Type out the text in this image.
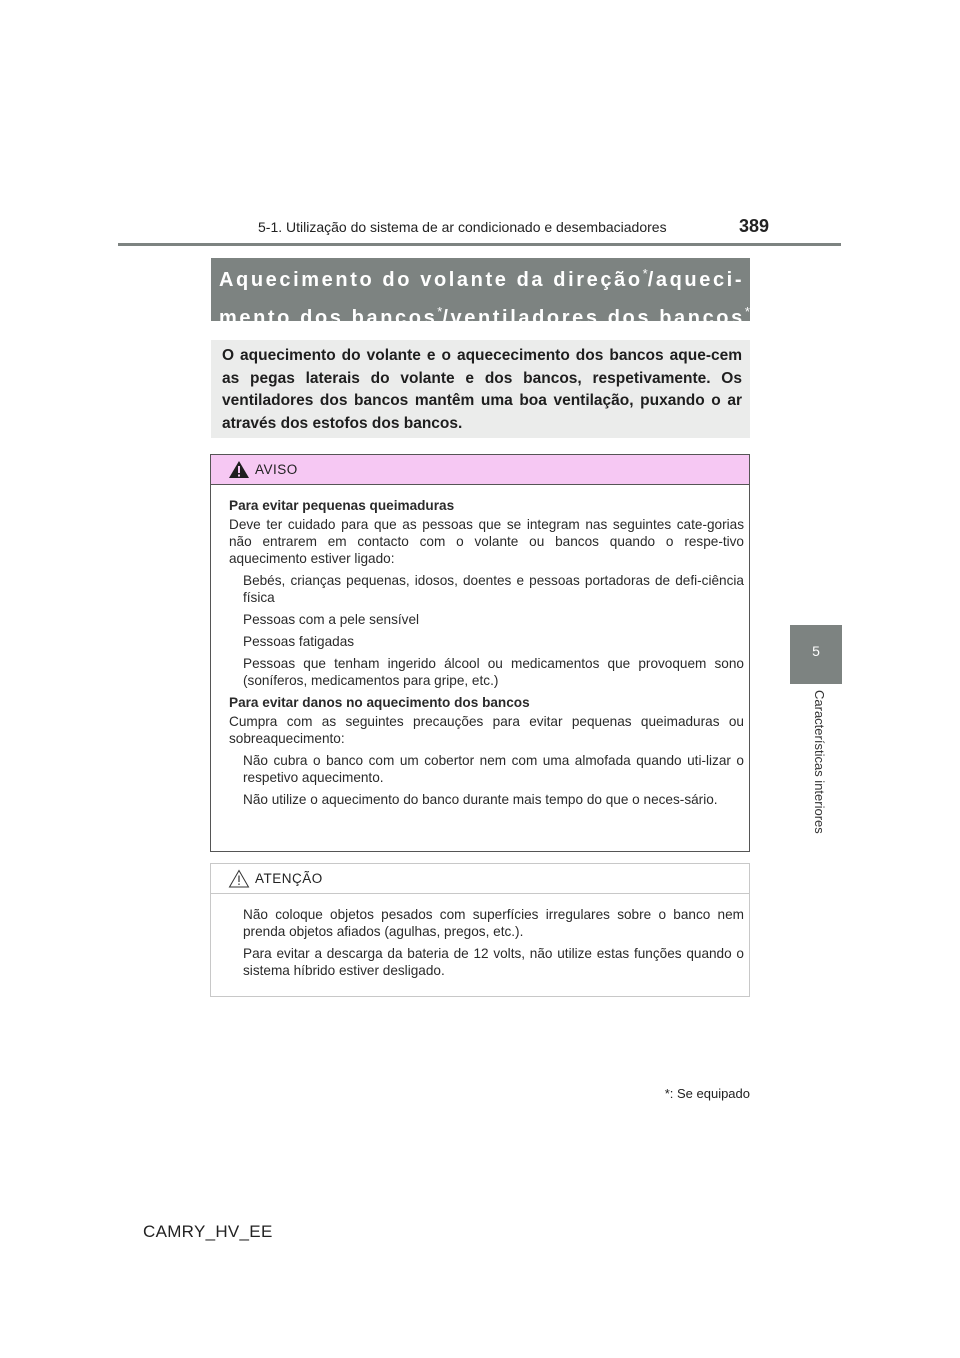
5-1. Utilização do sistema de ar condicionado e desembaciadores	389
5
Características interiores
Aquecimento do volante da direção*/aqueci-
mento dos bancos*/ventiladores dos bancos*
O aquecimento do volante e o aquececimento dos bancos aque-cem as pegas laterais do volante e dos bancos, respetivamente. Os ventiladores dos bancos mantêm uma boa ventilação, puxando o ar através dos estofos dos bancos.
AVISO
Para evitar pequenas queimaduras
Deve ter cuidado para que as pessoas que se integram nas seguintes cate-gorias não entrarem em contacto com o volante ou bancos quando o respe-tivo aquecimento estiver ligado:
Bebés, crianças pequenas, idosos, doentes e pessoas portadoras de defi-ciência física
Pessoas com a pele sensível
Pessoas fatigadas
Pessoas que tenham ingerido álcool ou medicamentos que provoquem sono (soníferos, medicamentos para gripe, etc.)
Para evitar danos no aquecimento dos bancos
Cumpra com as seguintes precauções para evitar pequenas queimaduras ou sobreaquecimento:
Não cubra o banco com um cobertor nem com uma almofada quando uti-lizar o respetivo aquecimento.
Não utilize o aquecimento do banco durante mais tempo do que o neces-sário.
ATENÇÃO
Não coloque objetos pesados com superfícies irregulares sobre o banco nem prenda objetos afiados (agulhas, pregos, etc.).
Para evitar a descarga da bateria de 12 volts, não utilize estas funções quando o sistema híbrido estiver desligado.
*: Se equipado
CAMRY_HV_EE
